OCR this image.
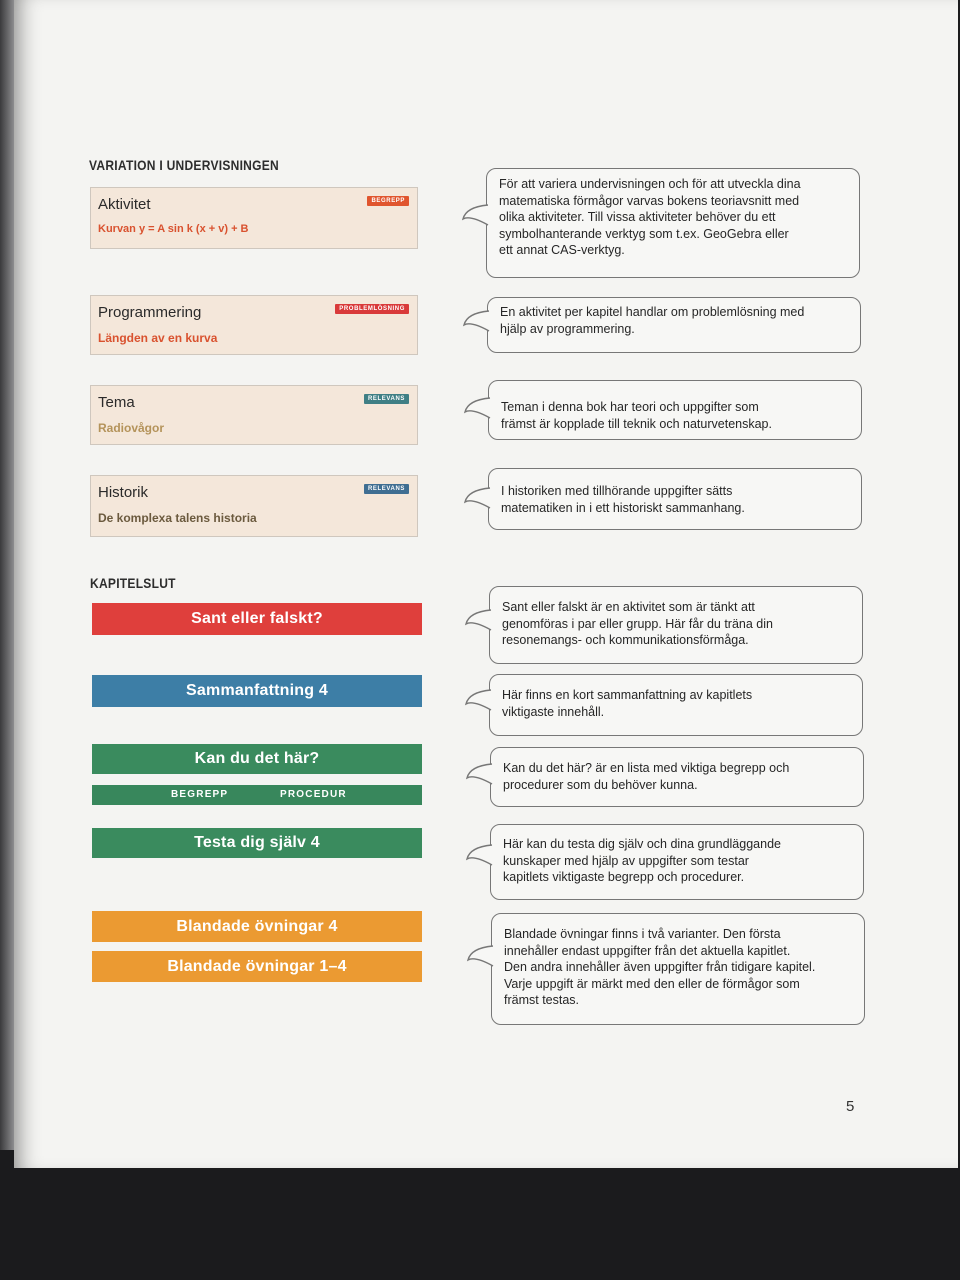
VARIATION I UNDERVISNINGEN
Aktivitet	BEGREPP
Kurvan y = A sin k (x + v) + B
Programmering	PROBLEMLÖSNING
Längden av en kurva
Tema	RELEVANS
Radiovågor
Historik	RELEVANS
De komplexa talens historia
KAPITELSLUT
Sant eller falskt?
Sammanfattning 4
Kan du det här?
BEGREPP	PROCEDUR
Testa dig själv 4
Blandade övningar 4
Blandade övningar 1–4
För att variera undervisningen och för att utveckla dina
matematiska förmågor varvas bokens teoriavsnitt med
olika aktiviteter. Till vissa aktiviteter behöver du ett
symbolhanterande verktyg som t.ex. GeoGebra eller
ett annat CAS-verktyg.
En aktivitet per kapitel handlar om problemlösning med
hjälp av programmering.
Teman i denna bok har teori och uppgifter som
främst är kopplade till teknik och naturvetenskap.
I historiken med tillhörande uppgifter sätts
matematiken in i ett historiskt sammanhang.
Sant eller falskt är en aktivitet som är tänkt att
genomföras i par eller grupp. Här får du träna din
resonemangs- och kommunikationsförmåga.
Här finns en kort sammanfattning av kapitlets
viktigaste innehåll.
Kan du det här? är en lista med viktiga begrepp och
procedurer som du behöver kunna.
Här kan du testa dig själv och dina grundläggande
kunskaper med hjälp av uppgifter som testar
kapitlets viktigaste begrepp och procedurer.
Blandade övningar finns i två varianter. Den första
innehåller endast uppgifter från det aktuella kapitlet.
Den andra innehåller även uppgifter från tidigare kapitel.
Varje uppgift är märkt med den eller de förmågor som
främst testas.
5
